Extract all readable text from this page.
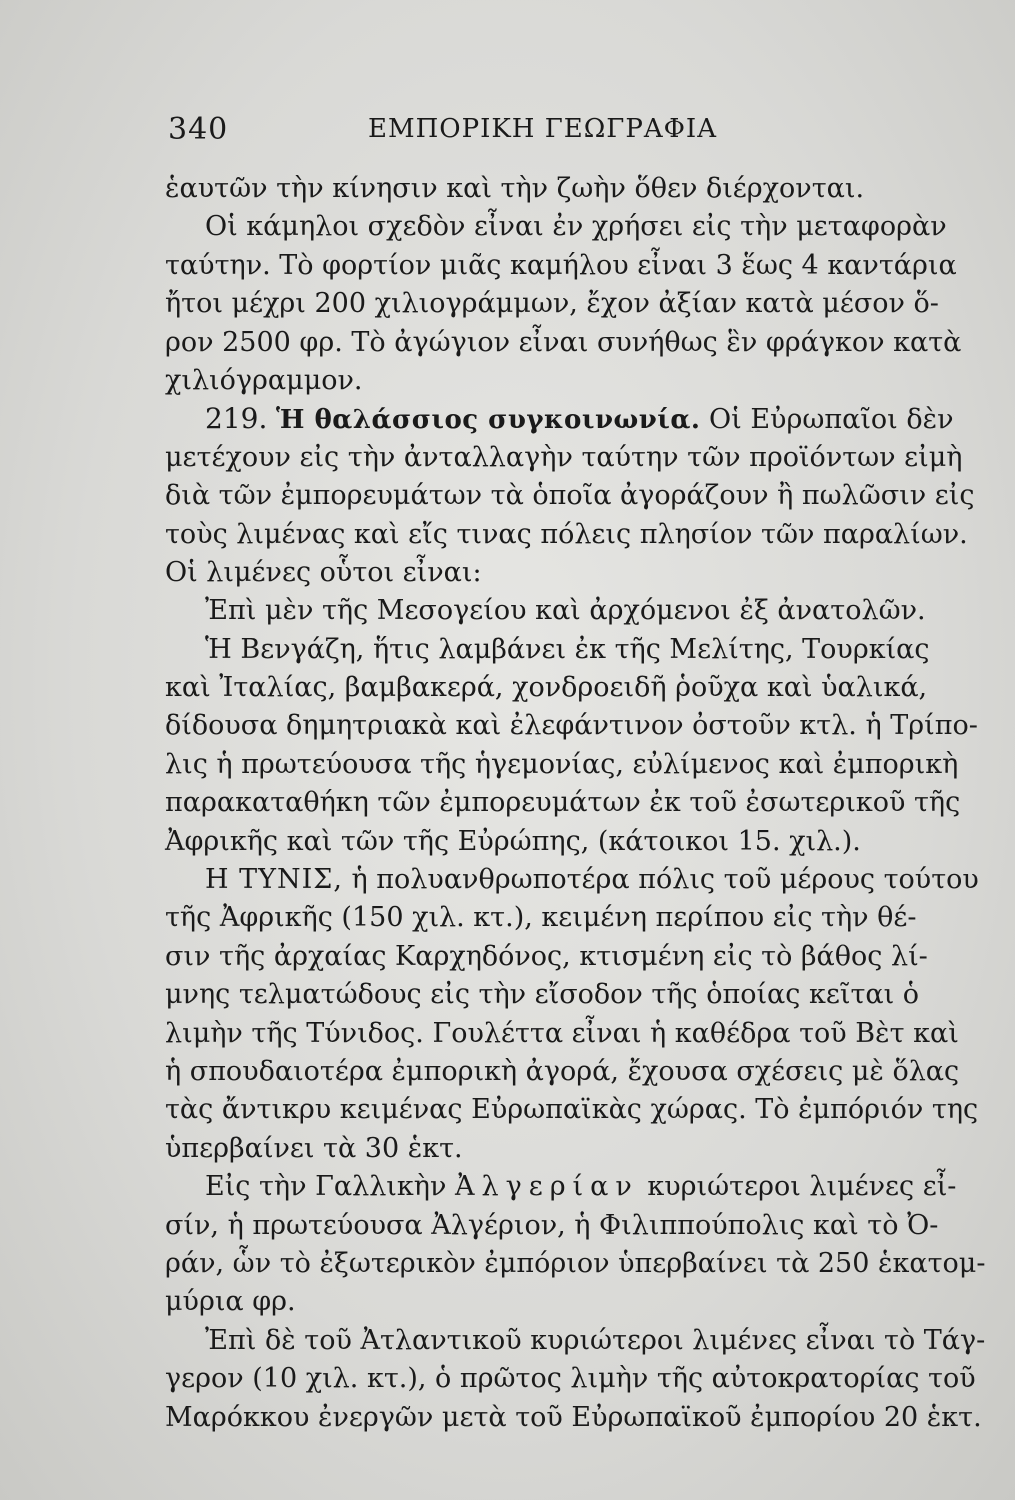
340	ΕΜΠΟΡΙΚΗ ΓΕΩΓΡΑΦΙΑ
ἑαυτῶν τὴν κίνησιν καὶ τὴν ζωὴν ὅθεν διέρχονται.
Οἱ κάμηλοι σχεδὸν εἶναι ἐν χρήσει εἰς τὴν μεταφορὰν
ταύτην. Τὸ φορτίον μιᾶς καμήλου εἶναι 3 ἕως 4 καντάρια
ἤτοι μέχρι 200 χιλιογράμμων, ἔχον ἀξίαν κατὰ μέσον ὅ-
ρον 2500 φρ. Τὸ ἀγώγιον εἶναι συνήθως ἓν φράγκον κατὰ
χιλιόγραμμον.
219. Ἡ θαλάσσιος συγκοινωνία. Οἱ Εὐρωπαῖοι δὲν
μετέχουν εἰς τὴν ἀνταλλαγὴν ταύτην τῶν προϊόντων εἰμὴ
διὰ τῶν ἐμπορευμάτων τὰ ὁποῖα ἀγοράζουν ἢ πωλῶσιν εἰς
τοὺς λιμένας καὶ εἴς τινας πόλεις πλησίον τῶν παραλίων.
Οἱ λιμένες οὗτοι εἶναι:
Ἐπὶ μὲν τῆς Μεσογείου καὶ ἀρχόμενοι ἐξ ἀνατολῶν.
Ἡ Βενγάζη, ἥτις λαμβάνει ἐκ τῆς Μελίτης, Τουρκίας
καὶ Ἰταλίας, βαμβακερά, χονδροειδῆ ῥοῦχα καὶ ὑαλικά,
δίδουσα δημητριακὰ καὶ ἐλεφάντινον ὀστοῦν κτλ. ἡ Τρίπο-
λις ἡ πρωτεύουσα τῆς ἡγεμονίας, εὐλίμενος καὶ ἐμπορικὴ
παρακαταθήκη τῶν ἐμπορευμάτων ἐκ τοῦ ἐσωτερικοῦ τῆς
Ἀφρικῆς καὶ τῶν τῆς Εὐρώπης, (κάτοικοι 15. χιλ.).
Η ΤΥΝΙΣ, ἡ πολυανθρωποτέρα πόλις τοῦ μέρους τούτου
τῆς Ἀφρικῆς (150 χιλ. κτ.), κειμένη περίπου εἰς τὴν θέ-
σιν τῆς ἀρχαίας Καρχηδόνος, κτισμένη εἰς τὸ βάθος λί-
μνης τελματώδους εἰς τὴν εἴσοδον τῆς ὁποίας κεῖται ὁ
λιμὴν τῆς Τύνιδος. Γουλέττα εἶναι ἡ καθέδρα τοῦ Βὲτ καὶ
ἡ σπουδαιοτέρα ἐμπορικὴ ἀγορά, ἔχουσα σχέσεις μὲ ὅλας
τὰς ἄντικρυ κειμένας Εὐρωπαϊκὰς χώρας. Τὸ ἐμπόριόν της
ὑπερβαίνει τὰ 30 ἑκτ.
Εἰς τὴν Γαλλικὴν Ἀλγερίαν κυριώτεροι λιμένες εἶ-
σίν, ἡ πρωτεύουσα Ἀλγέριον, ἡ Φιλιππούπολις καὶ τὸ Ὀ-
ράν, ὧν τὸ ἐξωτερικὸν ἐμπόριον ὑπερβαίνει τὰ 250 ἑκατομ-
μύρια φρ.
Ἐπὶ δὲ τοῦ Ἀτλαντικοῦ κυριώτεροι λιμένες εἶναι τὸ Τάγ-
γερον (10 χιλ. κτ.), ὁ πρῶτος λιμὴν τῆς αὐτοκρατορίας τοῦ
Μαρόκκου ἐνεργῶν μετὰ τοῦ Εὐρωπαϊκοῦ ἐμπορίου 20 ἑκτ.
